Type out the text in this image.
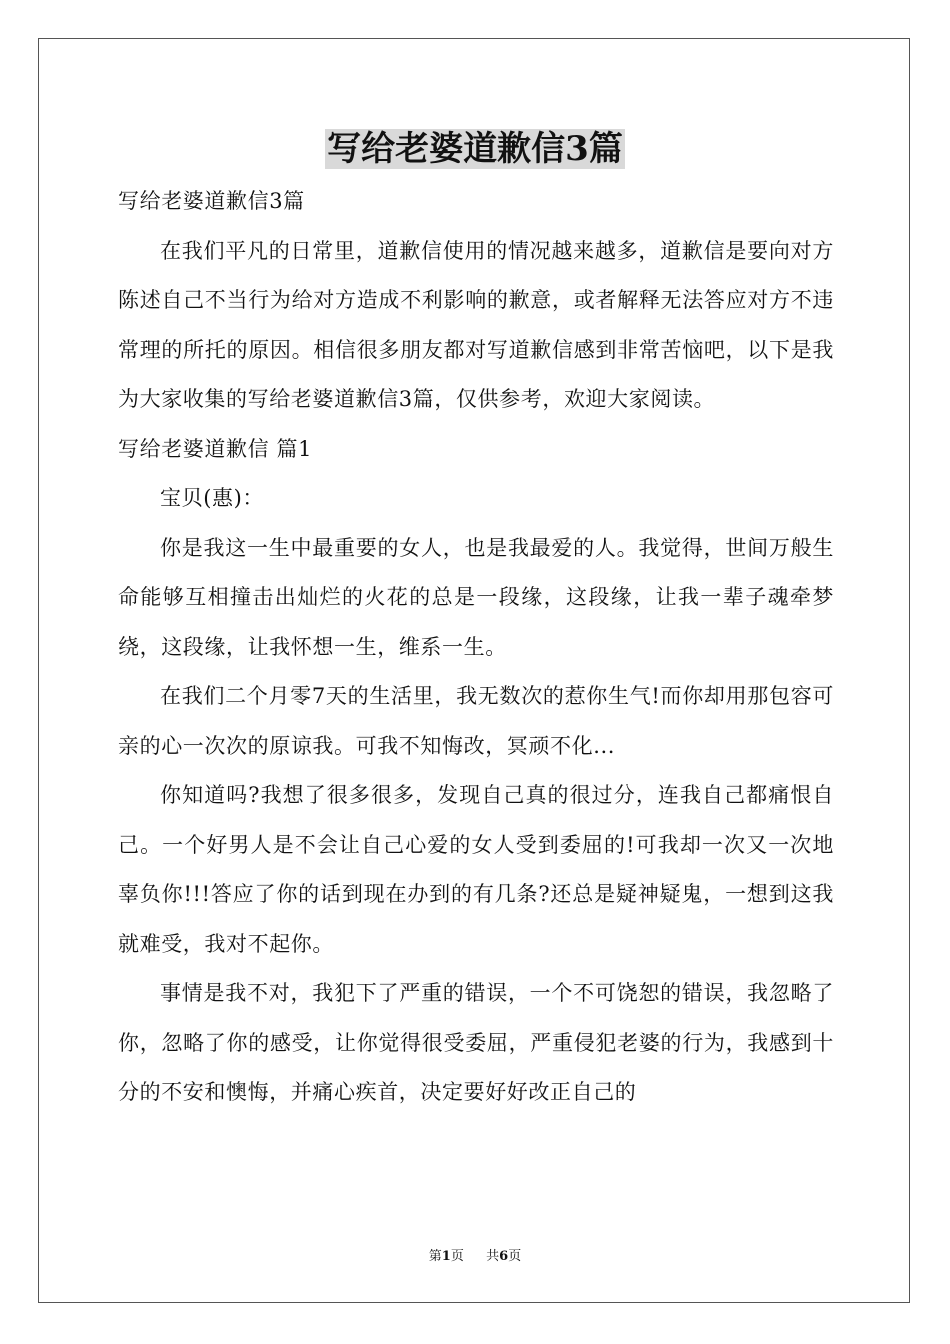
写给老婆道歉信3篇

写给老婆道歉信3篇

在我们平凡的日常里，道歉信使用的情况越来越多，道歉信是要向对方陈述自己不当行为给对方造成不利影响的歉意，或者解释无法答应对方不违常理的所托的原因。相信很多朋友都对写道歉信感到非常苦恼吧，以下是我为大家收集的写给老婆道歉信3篇，仅供参考，欢迎大家阅读。

写给老婆道歉信 篇1

宝贝(惠)：

你是我这一生中最重要的女人，也是我最爱的人。我觉得，世间万般生命能够互相撞击出灿烂的火花的总是一段缘，这段缘，让我一辈子魂牵梦绕，这段缘，让我怀想一生，维系一生。

在我们二个月零7天的生活里，我无数次的惹你生气!而你却用那包容可亲的心一次次的原谅我。可我不知悔改，冥顽不化...

你知道吗?我想了很多很多，发现自己真的很过分，连我自己都痛恨自己。一个好男人是不会让自己心爱的女人受到委屈的!可我却一次又一次地辜负你!!!答应了你的话到现在办到的有几条?还总是疑神疑鬼，一想到这我就难受，我对不起你。

事情是我不对，我犯下了严重的错误，一个不可饶恕的错误，我忽略了你，忽略了你的感受，让你觉得很受委屈，严重侵犯老婆的行为，我感到十分的不安和懊悔，并痛心疾首，决定要好好改正自己的

第1页 共6页
